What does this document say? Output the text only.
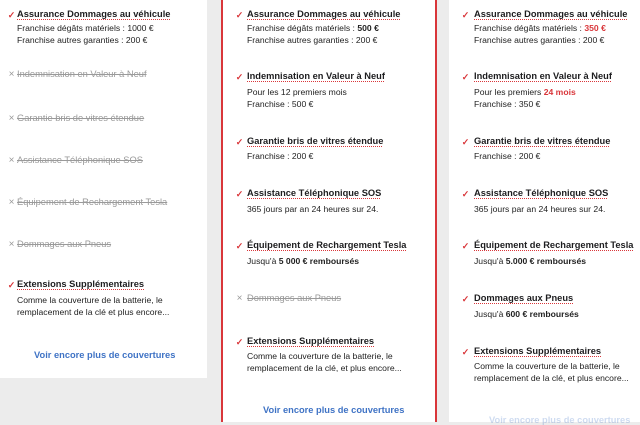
✓ Assurance Dommages au véhicule
Franchise dégâts matériels : 1000 €
Franchise autres garanties : 200 €
× Indemnisation en Valeur à Neuf
× Garantie bris de vitres étendue
× Assistance Téléphonique SOS
× Équipement de Rechargement Tesla
× Dommages aux Pneus
✓ Extensions Supplémentaires
Comme la couverture de la batterie, le
remplacement de la clé et plus encore...
Voir encore plus de couvertures
✓ Assurance Dommages au véhicule
Franchise dégâts matériels : 500 €
Franchise autres garanties : 200 €
✓ Indemnisation en Valeur à Neuf
Pour les 12 premiers mois
Franchise : 500 €
✓ Garantie bris de vitres étendue
Franchise : 200 €
✓ Assistance Téléphonique SOS
365 jours par an 24 heures sur 24.
✓ Équipement de Rechargement Tesla
Jusqu'à 5 000 € remboursés
× Dommages aux Pneus
✓ Extensions Supplémentaires
Comme la couverture de la batterie, le
remplacement de la clé, et plus encore...
Voir encore plus de couvertures
✓ Assurance Dommages au véhicule
Franchise dégâts matériels : 350 €
Franchise autres garanties : 200 €
✓ Indemnisation en Valeur à Neuf
Pour les premiers 24 mois
Franchise : 350 €
✓ Garantie bris de vitres étendue
Franchise : 200 €
✓ Assistance Téléphonique SOS
365 jours par an 24 heures sur 24.
✓ Équipement de Rechargement Tesla
Jusqu'à 5.000 € remboursés
✓ Dommages aux Pneus
Jusqu'à 600 € remboursés
✓ Extensions Supplémentaires
Comme la couverture de la batterie, le
remplacement de la clé, et plus encore...
Voir encore plus de couvertures
